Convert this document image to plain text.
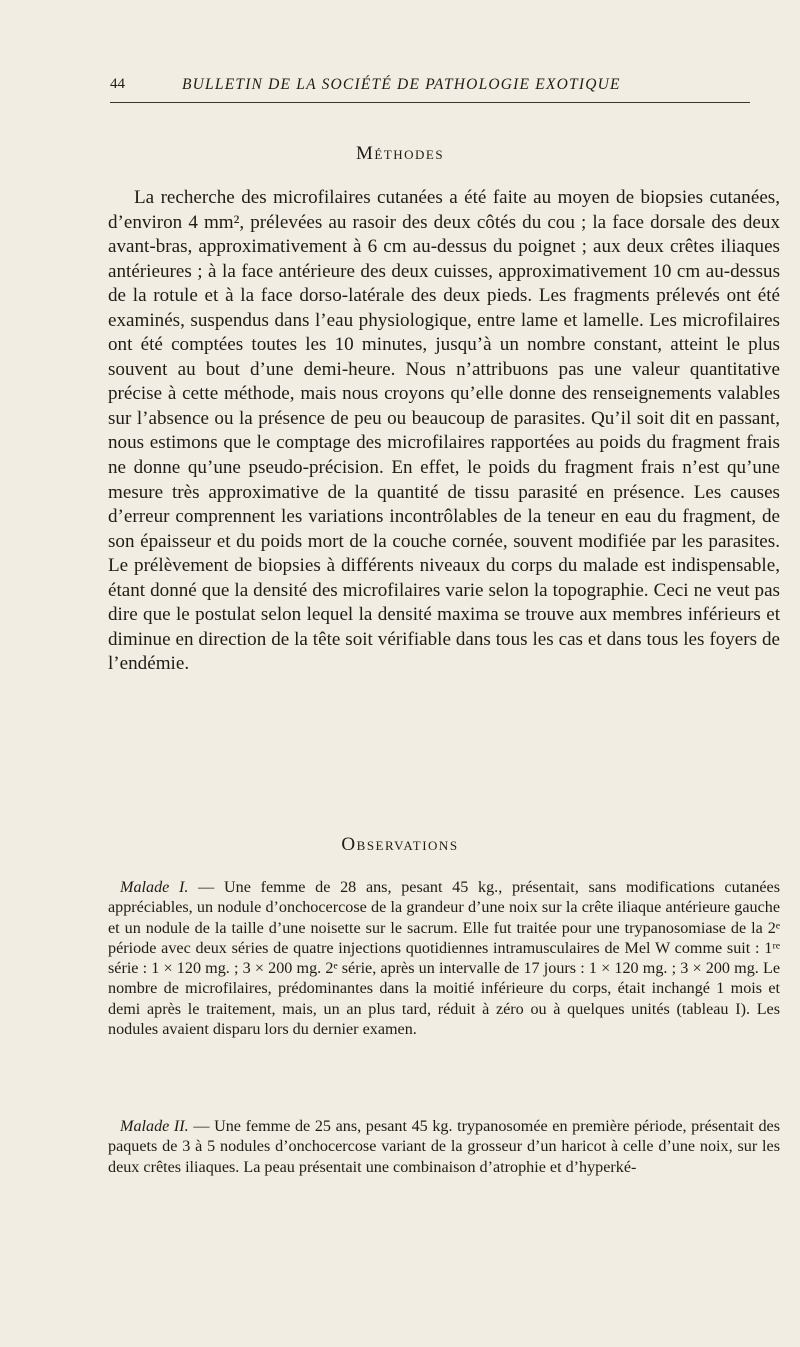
44	BULLETIN DE LA SOCIÉTÉ DE PATHOLOGIE EXOTIQUE
Méthodes

La recherche des microfilaires cutanées a été faite au moyen de biopsies cutanées, d’environ 4 mm², prélevées au rasoir des deux côtés du cou ; la face dorsale des deux avant-bras, approximativement à 6 cm au-dessus du poignet ; aux deux crêtes iliaques antérieures ; à la face antérieure des deux cuisses, approximativement 10 cm au-dessus de la rotule et à la face dorso-latérale des deux pieds. Les fragments prélevés ont été examinés, suspendus dans l’eau physiologique, entre lame et lamelle. Les microfilaires ont été comptées toutes les 10 minutes, jusqu’à un nombre constant, atteint le plus souvent au bout d’une demi-heure. Nous n’attribuons pas une valeur quantitative précise à cette méthode, mais nous croyons qu’elle donne des renseignements valables sur l’absence ou la présence de peu ou beaucoup de parasites. Qu’il soit dit en passant, nous estimons que le comptage des microfilaires rapportées au poids du fragment frais ne donne qu’une pseudo-précision. En effet, le poids du fragment frais n’est qu’une mesure très approximative de la quantité de tissu parasité en présence. Les causes d’erreur comprennent les variations incontrôlables de la teneur en eau du fragment, de son épaisseur et du poids mort de la couche cornée, souvent modifiée par les parasites. Le prélèvement de biopsies à différents niveaux du corps du malade est indispensable, étant donné que la densité des microfilaires varie selon la topographie. Ceci ne veut pas dire que le postulat selon lequel la densité maxima se trouve aux membres inférieurs et diminue en direction de la tête soit vérifiable dans tous les cas et dans tous les foyers de l’endémie.

Observations

Malade I. — Une femme de 28 ans, pesant 45 kg., présentait, sans modifications cutanées appréciables, un nodule d’onchocercose de la grandeur d’une noix sur la crête iliaque antérieure gauche et un nodule de la taille d’une noisette sur le sacrum. Elle fut traitée pour une trypanosomiase de la 2ᵉ période avec deux séries de quatre injections quotidiennes intramusculaires de Mel W comme suit : 1ʳᵉ série : 1 × 120 mg. ; 3 × 200 mg. 2ᵉ série, après un intervalle de 17 jours : 1 × 120 mg. ; 3 × 200 mg. Le nombre de microfilaires, prédominantes dans la moitié inférieure du corps, était inchangé 1 mois et demi après le traitement, mais, un an plus tard, réduit à zéro ou à quelques unités (tableau I). Les nodules avaient disparu lors du dernier examen.

Malade II. — Une femme de 25 ans, pesant 45 kg. trypanosomée en première période, présentait des paquets de 3 à 5 nodules d’onchocercose variant de la grosseur d’un haricot à celle d’une noix, sur les deux crêtes iliaques. La peau présentait une combinaison d’atrophie et d’hyperké-
